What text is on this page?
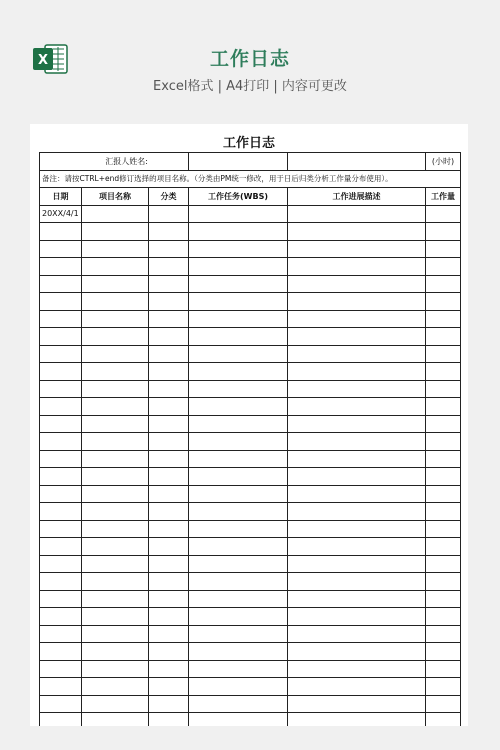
X	工作日志
Excel格式 | A4打印 | 内容可更改
工作日志
汇报人姓名:					(小时)
备注：请按CTRL+end修订选择的项目名称。（分类由PM统一修改，用于日后归类分析工作量分布使用）。					
日期	项目名称	分类	工作任务(WBS)	工作进展描述	工作量
20XX/4/1					
